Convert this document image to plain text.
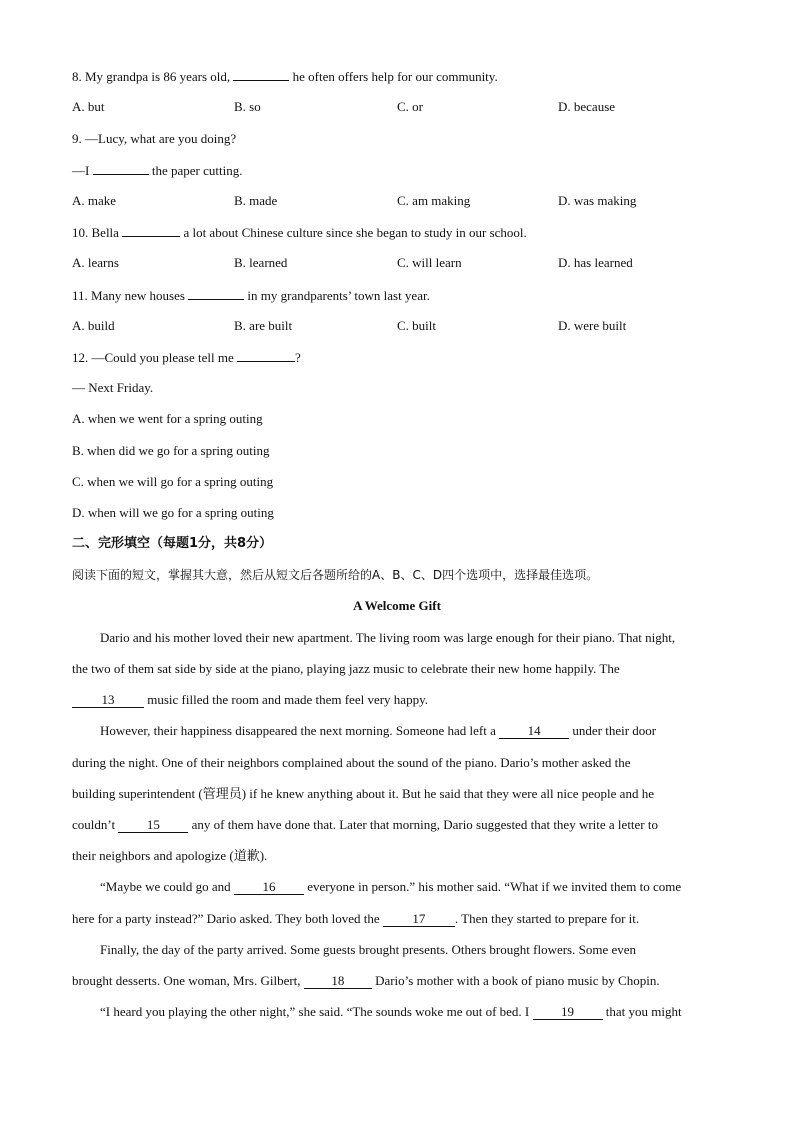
8. My grandpa is 86 years old,	he often offers help for our community.
A. but	B. so	C. or	D. because
9. —Lucy, what are you doing?
—I	the paper cutting.
A. make	B. made	C. am making	D. was making
10. Bella	a lot about Chinese culture since she began to study in our school.
A. learns	B. learned	C. will learn	D. has learned
11. Many new houses	in my grandparents’ town last year.
A. build	B. are built	C. built	D. were built
12. —Could you please tell me	?
— Next Friday.
A. when we went for a spring outing
B. when did we go for a spring outing
C. when we will go for a spring outing
D. when will we go for a spring outing
二、完形填空（每题1分，共8分）
阅读下面的短文，掌握其大意，然后从短文后各题所给的A、B、C、D四个选项中，选择最佳选项。
A Welcome Gift
Dario and his mother loved their new apartment. The living room was large enough for their piano. That night,
the two of them sat side by side at the piano, playing jazz music to celebrate their new home happily. The
13 music filled the room and made them feel very happy.
However, their happiness disappeared the next morning. Someone had left a 14 under their door
during the night. One of their neighbors complained about the sound of the piano. Dario’s mother asked the
building superintendent (管理员) if he knew anything about it. But he said that they were all nice people and he
couldn’t 15 any of them have done that. Later that morning, Dario suggested that they write a letter to
their neighbors and apologize (道歉).
“Maybe we could go and 16 everyone in person.” his mother said. “What if we invited them to come
here for a party instead?” Dario asked. They both loved the 17 . Then they started to prepare for it.
Finally, the day of the party arrived. Some guests brought presents. Others brought flowers. Some even
brought desserts. One woman, Mrs. Gilbert, 18 Dario’s mother with a book of piano music by Chopin.
“I heard you playing the other night,” she said. “The sounds woke me out of bed. I 19 that you might
